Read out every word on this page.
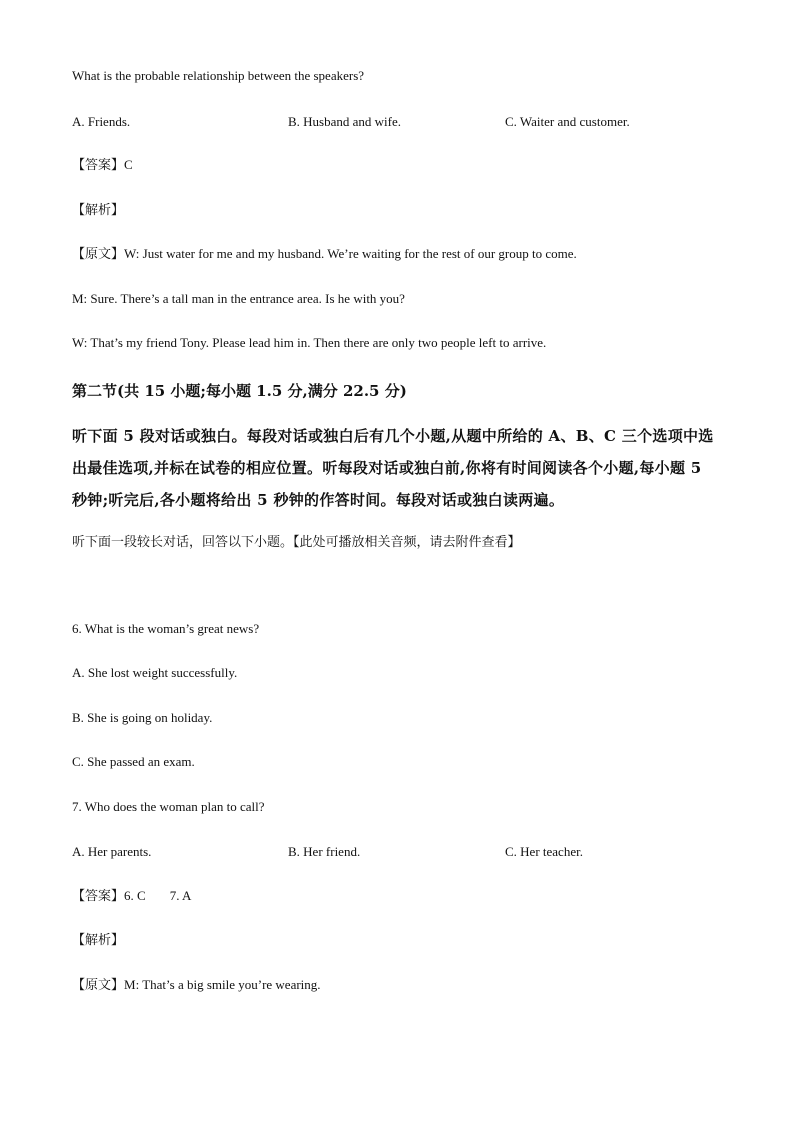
What is the probable relationship between the speakers?
A. Friends.	B. Husband and wife.	C. Waiter and customer.
【答案】C
【解析】
【原文】W: Just water for me and my husband. We’re waiting for the rest of our group to come.
M: Sure. There’s a tall man in the entrance area. Is he with you?
W: That’s my friend Tony. Please lead him in. Then there are only two people left to arrive.
第二节(共 15 小题;每小题 1.5 分,满分 22.5 分)

听下面 5 段对话或独白。每段对话或独白后有几个小题,从题中所给的 A、B、C 三个选项中选出最佳选项,并标在试卷的相应位置。听每段对话或独白前,你将有时间阅读各个小题,每小题 5 秒钟;听完后,各小题将给出 5 秒钟的作答时间。每段对话或独白读两遍。

听下面一段较长对话，回答以下小题。【此处可播放相关音频，请去附件查看】
6. What is the woman’s great news?
A. She lost weight successfully.
B. She is going on holiday.
C. She passed an exam.
7. Who does the woman plan to call?
A. Her parents.	B. Her friend.	C. Her teacher.
【答案】6. C 7. A
【解析】
【原文】M: That’s a big smile you’re wearing.
